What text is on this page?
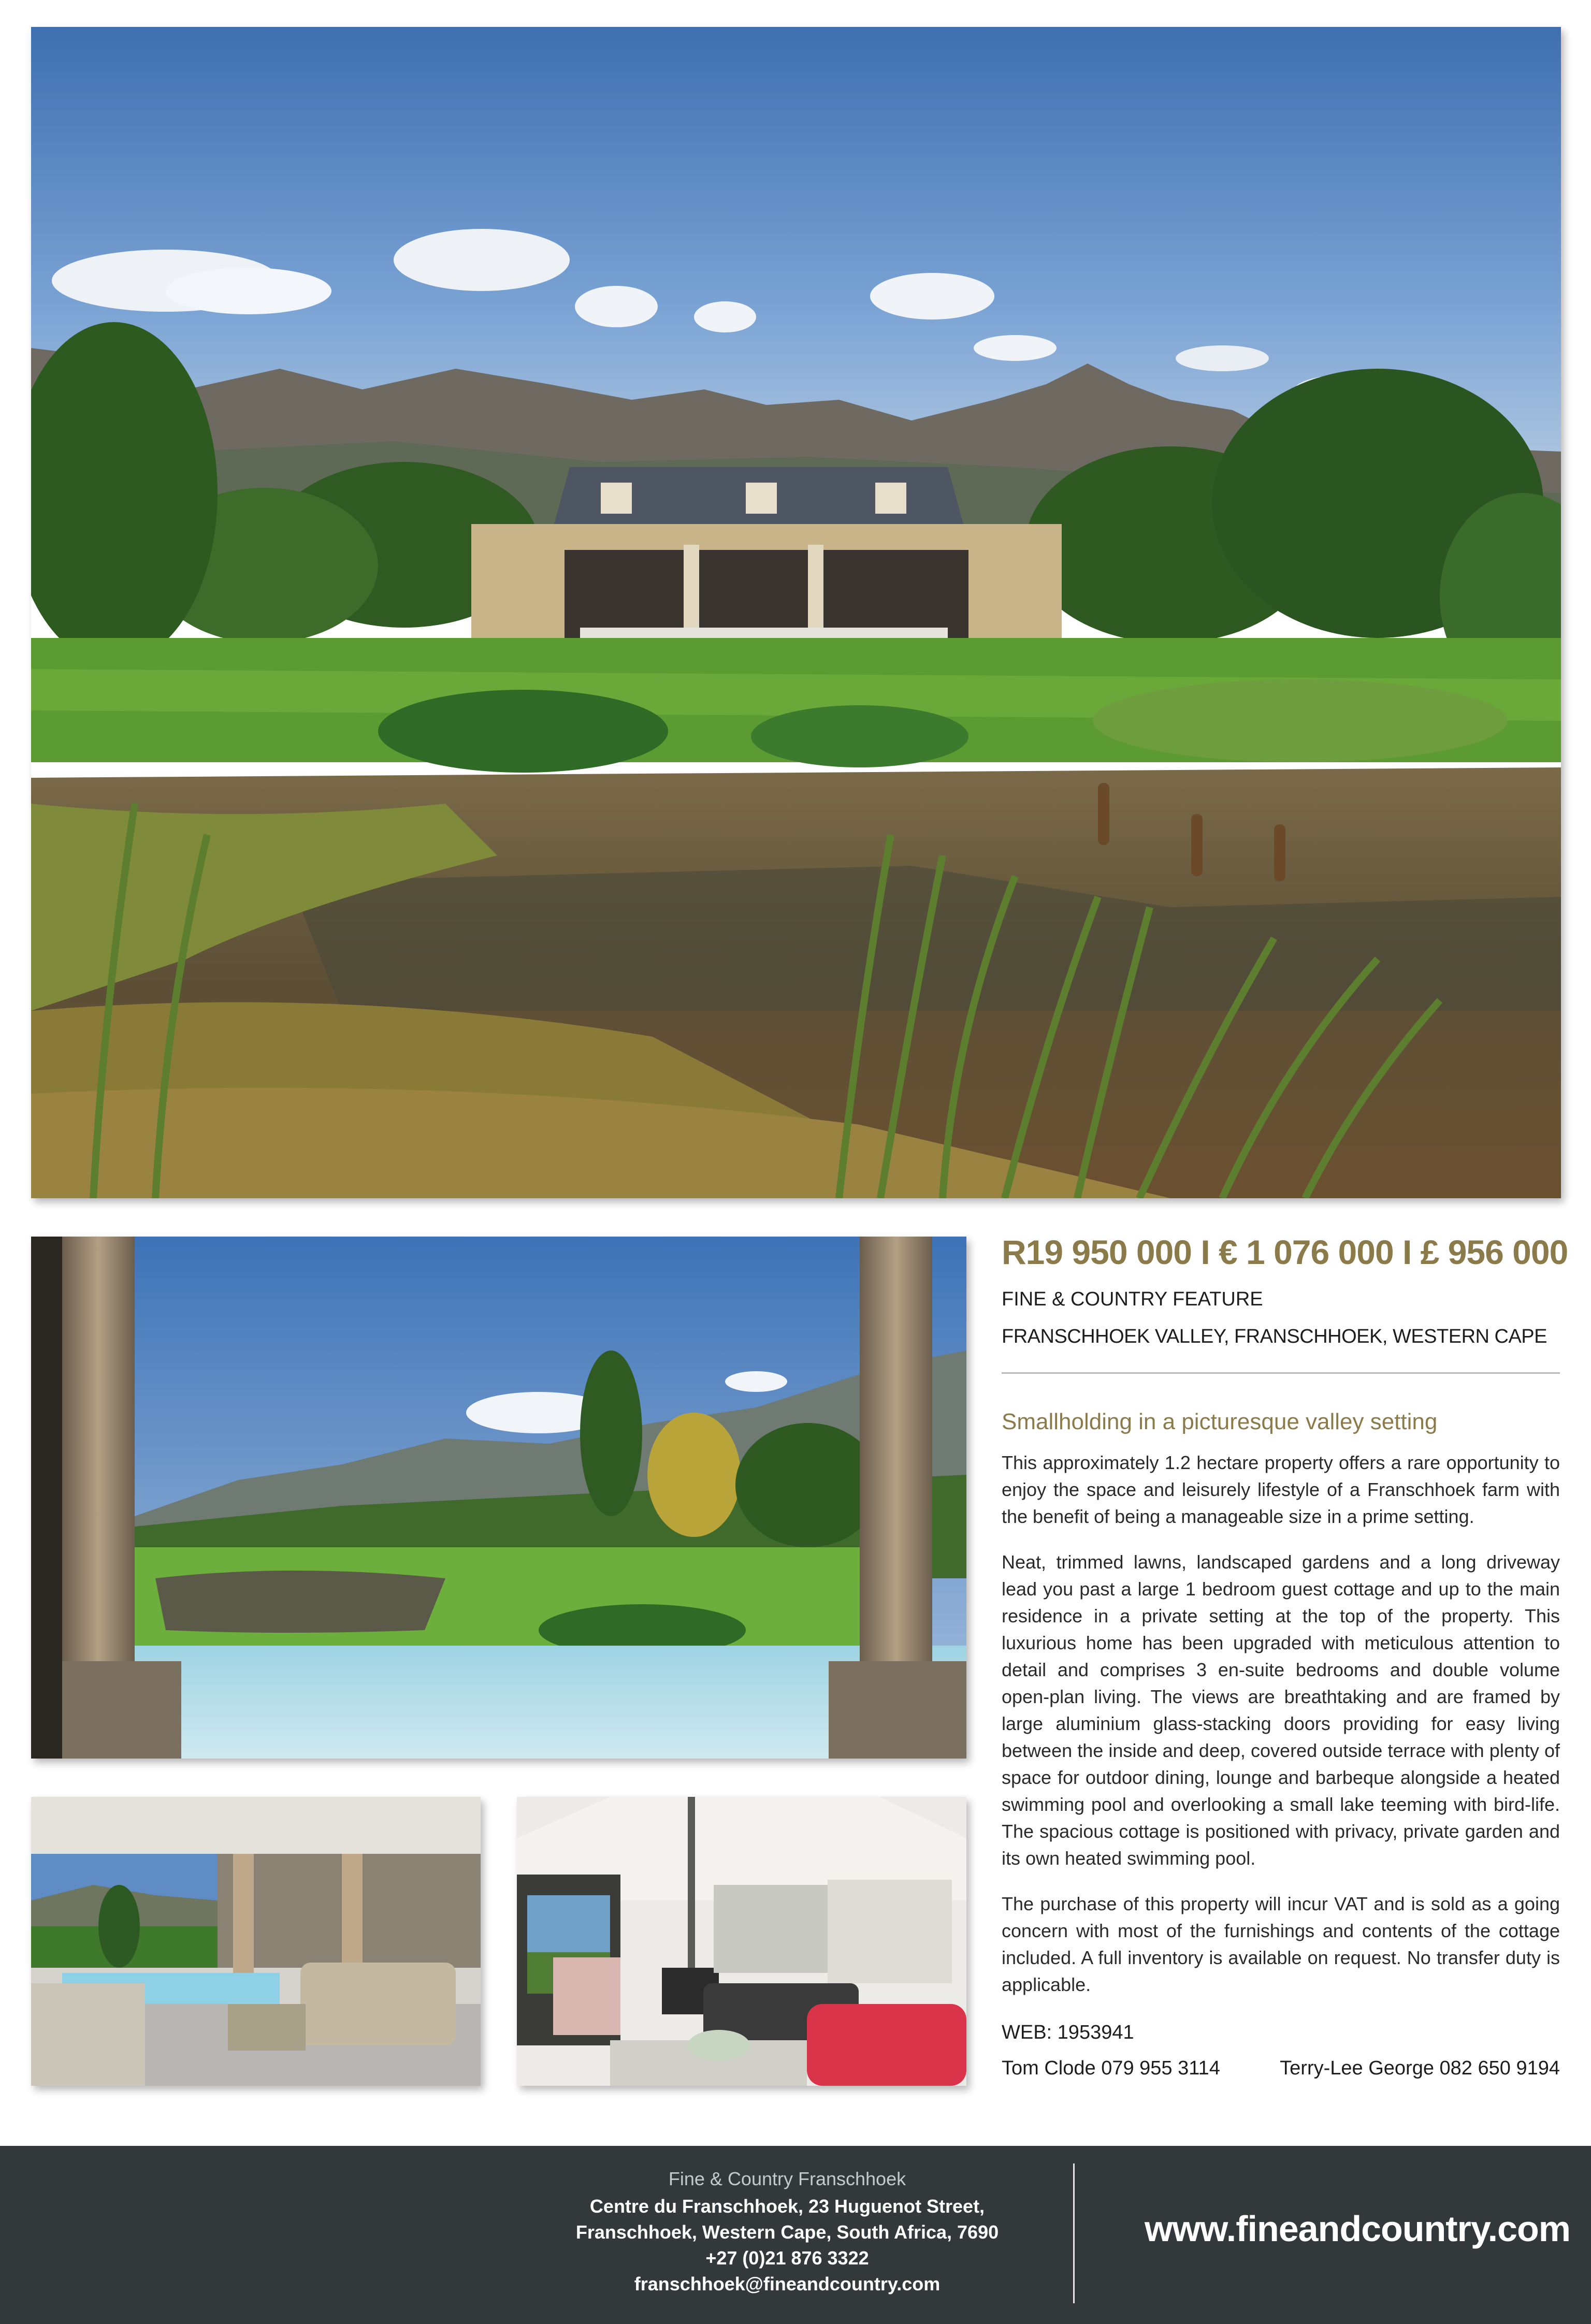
R19 950 000 I € 1 076 000 I £ 956 000
FINE & COUNTRY FEATURE
FRANSCHHOEK VALLEY, FRANSCHHOEK, WESTERN CAPE
Smallholding in a picturesque valley setting

This approximately 1.2 hectare property offers a rare opportunity to enjoy the space and leisurely lifestyle of a Franschhoek farm with the benefit of being a manageable size in a prime setting.

Neat, trimmed lawns, landscaped gardens and a long driveway lead you past a large 1 bedroom guest cottage and up to the main residence in a private setting at the top of the property. This luxurious home has been upgraded with meticulous attention to detail and comprises 3 en-suite bedrooms and double volume open-plan living. The views are breathtaking and are framed by large aluminium glass-stacking doors providing for easy living between the inside and deep, covered outside terrace with plenty of space for outdoor dining, lounge and barbeque alongside a heated swimming pool and overlooking a small lake teeming with bird-life. The spacious cottage is positioned with privacy, private garden and its own heated swimming pool.

The purchase of this property will incur VAT and is sold as a going concern with most of the furnishings and contents of the cottage included. A full inventory is available on request. No transfer duty is applicable.

WEB: 1953941
Tom Clode 079 955 3114	Terry-Lee George 082 650 9194
Fine & Country Franschhoek
Centre du Franschhoek, 23 Huguenot Street,
Franschhoek, Western Cape, South Africa, 7690
+27 (0)21 876 3322
franschhoek@fineandcountry.com
www.fineandcountry.com
